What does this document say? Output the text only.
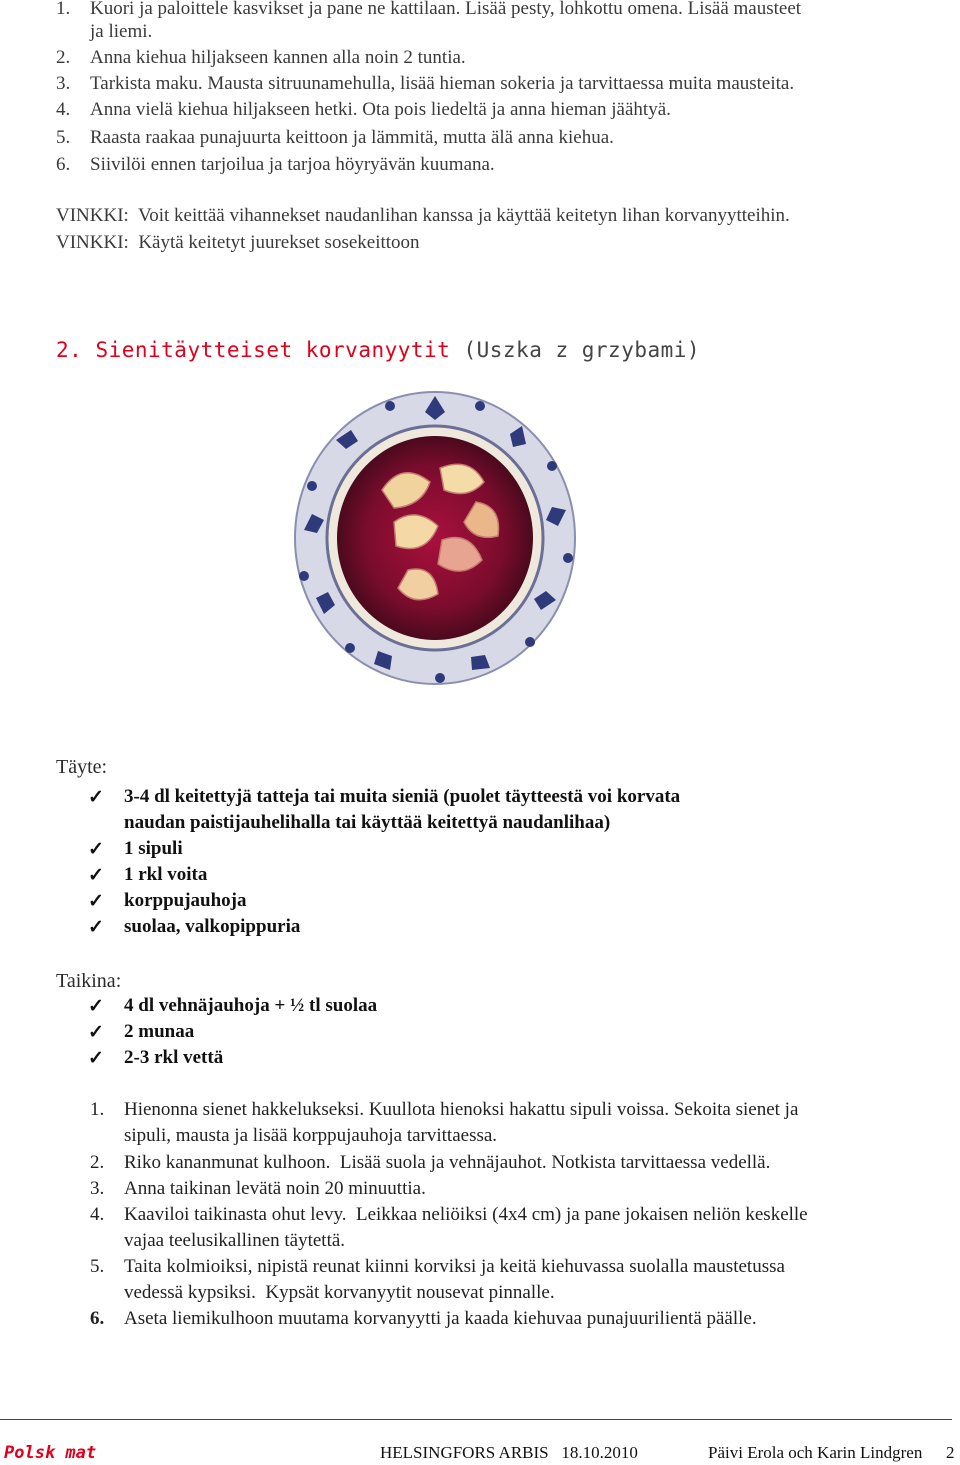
1. Kuori ja paloittele kasvikset ja pane ne kattilaan. Lisää pesty, lohkottu omena. Lisää mausteet
ja liemi.
2. Anna kiehua hiljakseen kannen alla noin 2 tuntia.
3. Tarkista maku. Mausta sitruunamehulla, lisää hieman sokeria ja tarvittaessa muita mausteita.
4. Anna vielä kiehua hiljakseen hetki. Ota pois liedeltä ja anna hieman jäähtyä.
5. Raasta raakaa punajuurta keittoon ja lämmitä, mutta älä anna kiehua.
6. Siivilöi ennen tarjoilua ja tarjoa höyryävän kuumana.
VINKKI:  Voit keittää vihannekset naudanlihan kanssa ja käyttää keitetyn lihan korvanyytteihin.
VINKKI:  Käytä keitetyt juurekset sosekeittoon
2. Sienitäytteiset korvanyytit (Uszka z grzybami)
Täyte:
✓	3-4 dl keitettyjä tatteja tai muita sieniä (puolet täytteestä voi korvata
naudan paistijauhelihalla tai käyttää keitettyä naudanlihaa)
✓	1 sipuli
✓	1 rkl voita
✓	korppujauhoja
✓	suolaa, valkopippuria
Taikina:
✓	4 dl vehnäjauhoja + ½ tl suolaa
✓	2 munaa
✓	2-3 rkl vettä
1. Hienonna sienet hakkelukseksi. Kuullota hienoksi hakattu sipuli voissa. Sekoita sienet ja
sipuli, mausta ja lisää korppujauhoja tarvittaessa.
2. Riko kananmunat kulhoon.  Lisää suola ja vehnäjauhot. Notkista tarvittaessa vedellä.
3. Anna taikinan levätä noin 20 minuuttia.
4. Kaaviloi taikinasta ohut levy.  Leikkaa neliöiksi (4x4 cm) ja pane jokaisen neliön keskelle
vajaa teelusikallinen täytettä.
5. Taita kolmioiksi, nipistä reunat kiinni korviksi ja keitä kiehuvassa suolalla maustetussa
vedessä kypsiksi.  Kypsät korvanyytit nousevat pinnalle.
6. Aseta liemikulhoon muutama korvanyytti ja kaada kiehuvaa punajuurilientä päälle.
Polsk mat	HELSINGFORS ARBIS   18.10.2010	Päivi Erola och Karin Lindgren 2
